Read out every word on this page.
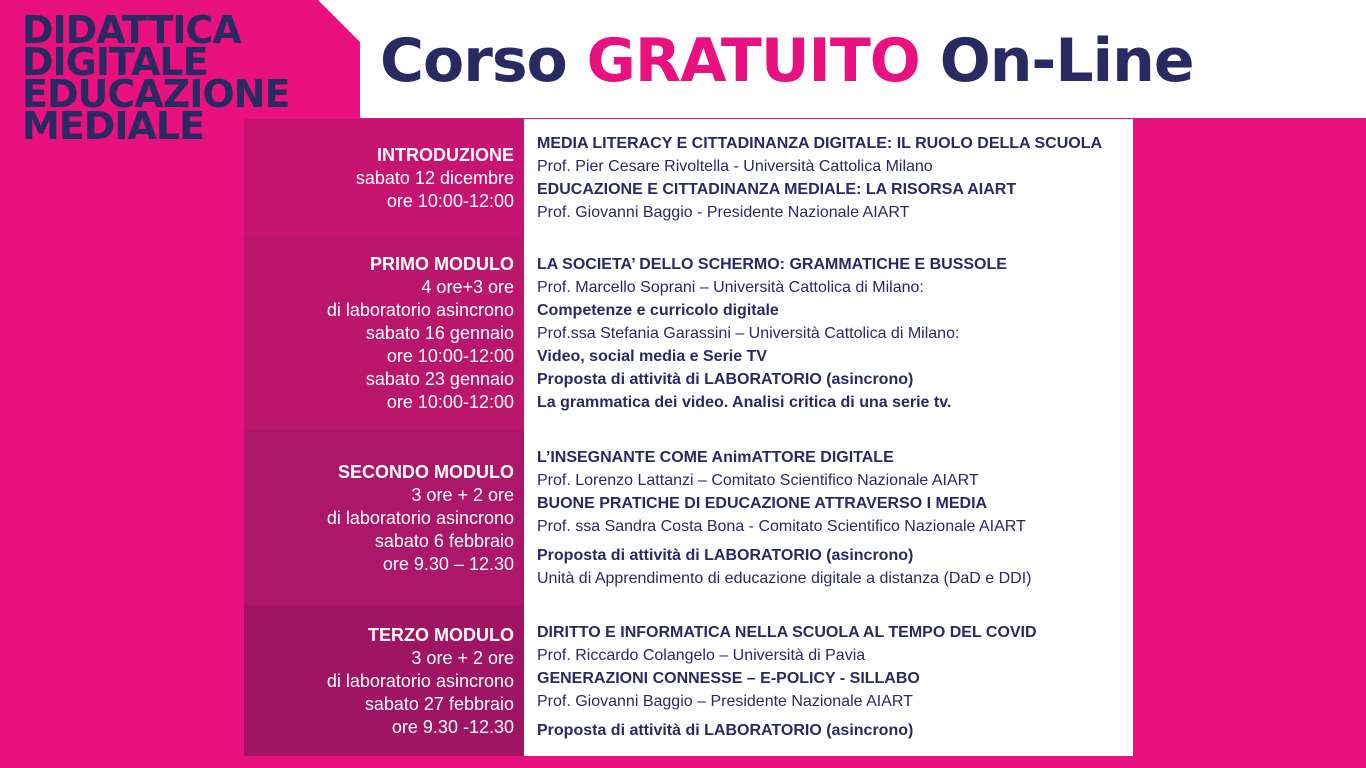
DIDATTICA
DIGITALE
EDUCAZIONE
MEDIALE
Corso GRATUITO On-Line
INTRODUZIONE
sabato 12 dicembre
ore 10:00-12:00
MEDIA LITERACY E CITTADINANZA DIGITALE: IL RUOLO DELLA SCUOLA
Prof. Pier Cesare Rivoltella - Università Cattolica Milano
EDUCAZIONE E CITTADINANZA MEDIALE: LA RISORSA AIART
Prof. Giovanni Baggio - Presidente Nazionale AIART
PRIMO MODULO
4 ore+3 ore
di laboratorio asincrono
sabato 16 gennaio
ore 10:00-12:00
sabato 23 gennaio
ore 10:00-12:00
LA SOCIETA’ DELLO SCHERMO: GRAMMATICHE E BUSSOLE
Prof. Marcello Soprani – Università Cattolica di Milano:
Competenze e curricolo digitale
Prof.ssa Stefania Garassini – Università Cattolica di Milano:
Video, social media e Serie TV
Proposta di attività di LABORATORIO (asincrono)
La grammatica dei video. Analisi critica di una serie tv.
SECONDO MODULO
3 ore + 2 ore
di laboratorio asincrono
sabato 6 febbraio
ore 9.30 – 12.30
L’INSEGNANTE COME AnimATTORE DIGITALE
Prof. Lorenzo Lattanzi – Comitato Scientifico Nazionale AIART
BUONE PRATICHE DI EDUCAZIONE ATTRAVERSO I MEDIA
Prof. ssa Sandra Costa Bona - Comitato Scientifico Nazionale AIART
Proposta di attività di LABORATORIO (asincrono)
Unità di Apprendimento di educazione digitale a distanza (DaD e DDI)
TERZO MODULO
3 ore + 2 ore
di laboratorio asincrono
sabato 27 febbraio
ore 9.30 -12.30
DIRITTO E INFORMATICA NELLA SCUOLA AL TEMPO DEL COVID
Prof. Riccardo Colangelo – Università di Pavia
GENERAZIONI CONNESSE – E-POLICY - SILLABO
Prof. Giovanni Baggio – Presidente Nazionale AIART
Proposta di attività di LABORATORIO (asincrono)
